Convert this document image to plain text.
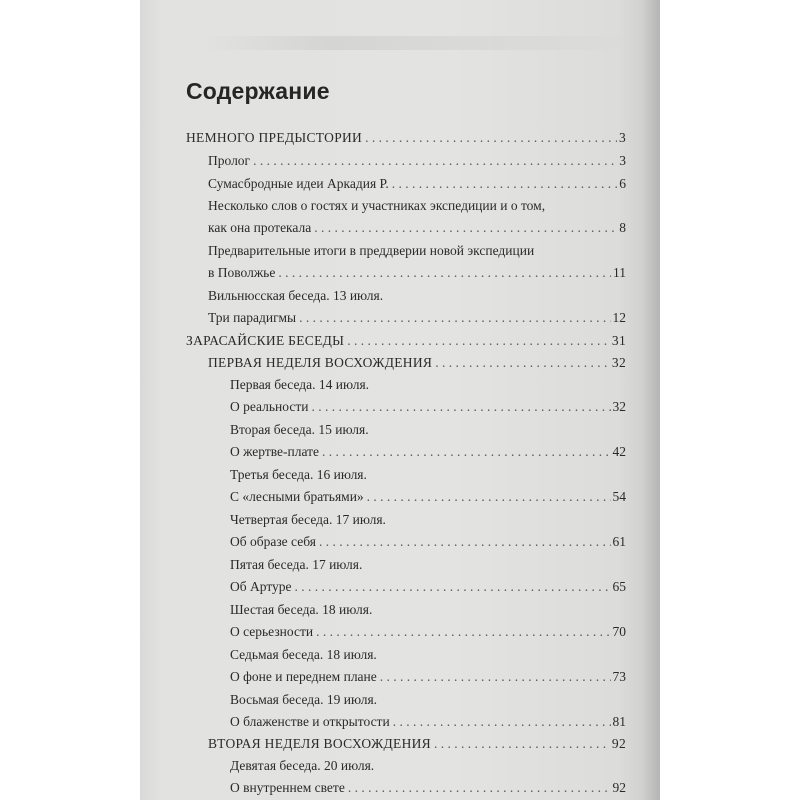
Содержание
НЕМНОГО ПРЕДЫСТОРИИ . . .	3
Пролог . . .	3
Сумасбродные идеи Аркадия Р. . . .	6
Несколько слов о гостях и участниках экспедиции и о том,
как она протекала . . .	8
Предварительные итоги в преддверии новой экспедиции
в Поволжье . . .	11
Вильнюсская беседа. 13 июля.
Три парадигмы . . .	12
ЗАРАСАЙСКИЕ БЕСЕДЫ . . .	31
ПЕРВАЯ НЕДЕЛЯ ВОСХОЖДЕНИЯ . . .	32
Первая беседа. 14 июля.
О реальности . . .	32
Вторая беседа. 15 июля.
О жертве-плате . . .	42
Третья беседа. 16 июля.
С «лесными братьями» . . .	54
Четвертая беседа. 17 июля.
Об образе себя . . .	61
Пятая беседа. 17 июля.
Об Артуре . . .	65
Шестая беседа. 18 июля.
О серьезности . . .	70
Седьмая беседа. 18 июля.
О фоне и переднем плане . . .	73
Восьмая беседа. 19 июля.
О блаженстве и открытости . . .	81
ВТОРАЯ НЕДЕЛЯ ВОСХОЖДЕНИЯ . . .	92
Девятая беседа. 20 июля.
О внутреннем свете . . .	92
